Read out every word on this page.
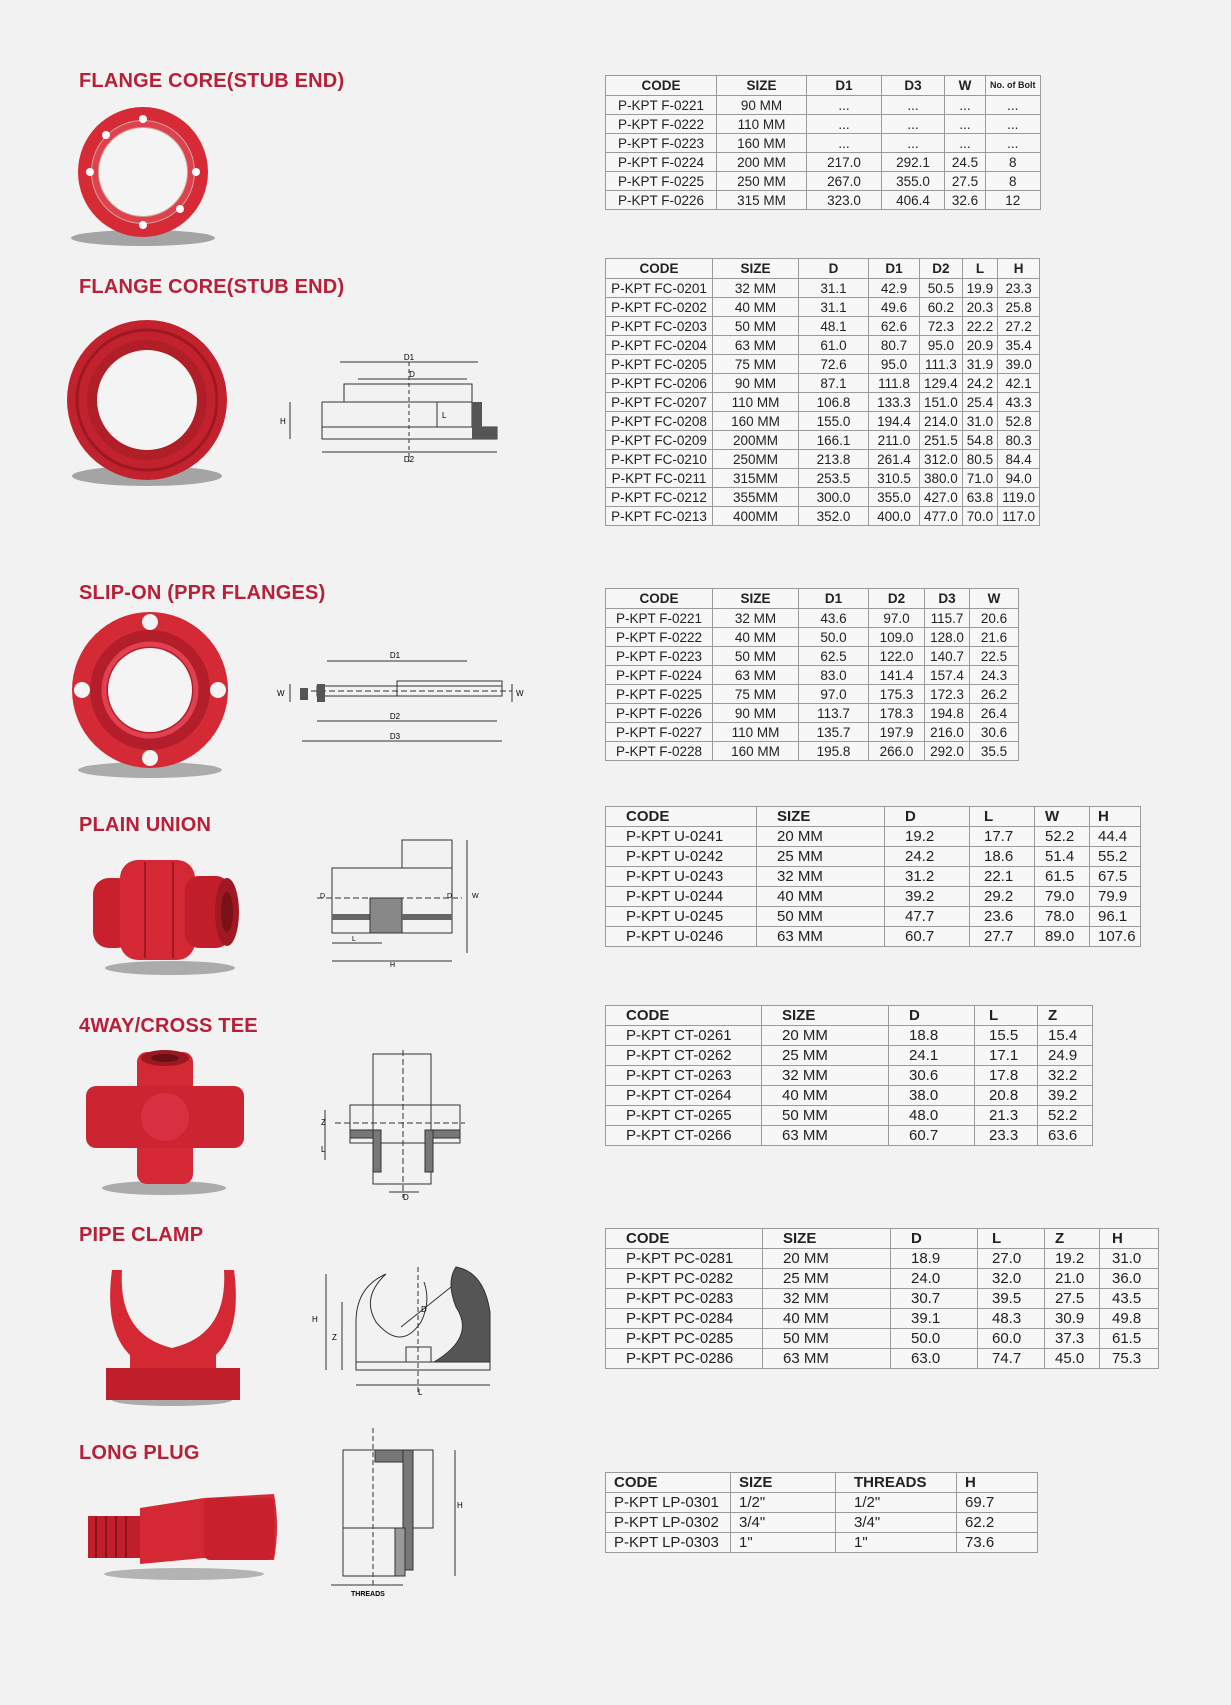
FLANGE CORE(STUB END)	CODE	SIZE	D1	D3	W	No. of Bolt
P-KPT F-0221	90 MM	...	...	...	...
P-KPT F-0222	110 MM	...	...	...	...
P-KPT F-0223	160 MM	...	...	...	...
P-KPT F-0224	200 MM	217.0	292.1	24.5	8
P-KPT F-0225	250 MM	267.0	355.0	27.5	8
P-KPT F-0226	315 MM	323.0	406.4	32.6	12
FLANGE CORE(STUB END)
D1
D
D2
H
L
CODE	SIZE	D	D1	D2	L	H
P-KPT FC-0201	32 MM	31.1	42.9	50.5	19.9	23.3
P-KPT FC-0202	40 MM	31.1	49.6	60.2	20.3	25.8
P-KPT FC-0203	50 MM	48.1	62.6	72.3	22.2	27.2
P-KPT FC-0204	63 MM	61.0	80.7	95.0	20.9	35.4
P-KPT FC-0205	75 MM	72.6	95.0	111.3	31.9	39.0
P-KPT FC-0206	90 MM	87.1	111.8	129.4	24.2	42.1
P-KPT FC-0207	110 MM	106.8	133.3	151.0	25.4	43.3
P-KPT FC-0208	160 MM	155.0	194.4	214.0	31.0	52.8
P-KPT FC-0209	200MM	166.1	211.0	251.5	54.8	80.3
P-KPT FC-0210	250MM	213.8	261.4	312.0	80.5	84.4
P-KPT FC-0211	315MM	253.5	310.5	380.0	71.0	94.0
P-KPT FC-0212	355MM	300.0	355.0	427.0	63.8	119.0
P-KPT FC-0213	400MM	352.0	400.0	477.0	70.0	117.0
SLIP-ON (PPR FLANGES)
D1
D2
D3
W	W
CODE	SIZE	D1	D2	D3	W
P-KPT F-0221	32 MM	43.6	97.0	115.7	20.6
P-KPT F-0222	40 MM	50.0	109.0	128.0	21.6
P-KPT F-0223	50 MM	62.5	122.0	140.7	22.5
P-KPT F-0224	63 MM	83.0	141.4	157.4	24.3
P-KPT F-0225	75 MM	97.0	175.3	172.3	26.2
P-KPT F-0226	90 MM	113.7	178.3	194.8	26.4
P-KPT F-0227	110 MM	135.7	197.9	216.0	30.6
P-KPT F-0228	160 MM	195.8	266.0	292.0	35.5
PLAIN UNION
D	D	W
L
H
CODE	SIZE	D	L	W	H
P-KPT U-0241	20 MM	19.2	17.7	52.2	44.4
P-KPT U-0242	25 MM	24.2	18.6	51.4	55.2
P-KPT U-0243	32 MM	31.2	22.1	61.5	67.5
P-KPT U-0244	40 MM	39.2	29.2	79.0	79.9
P-KPT U-0245	50 MM	47.7	23.6	78.0	96.1
P-KPT U-0246	63 MM	60.7	27.7	89.0	107.6
4WAY/CROSS TEE
Z
L
D
CODE	SIZE	D	L	Z
P-KPT CT-0261	20 MM	18.8	15.5	15.4
P-KPT CT-0262	25 MM	24.1	17.1	24.9
P-KPT CT-0263	32 MM	30.6	17.8	32.2
P-KPT CT-0264	40 MM	38.0	20.8	39.2
P-KPT CT-0265	50 MM	48.0	21.3	52.2
P-KPT CT-0266	63 MM	60.7	23.3	63.6
PIPE CLAMP
H
Z
D
L
CODE	SIZE	D	L	Z	H
P-KPT PC-0281	20 MM	18.9	27.0	19.2	31.0
P-KPT PC-0282	25 MM	24.0	32.0	21.0	36.0
P-KPT PC-0283	32 MM	30.7	39.5	27.5	43.5
P-KPT PC-0284	40 MM	39.1	48.3	30.9	49.8
P-KPT PC-0285	50 MM	50.0	60.0	37.3	61.5
P-KPT PC-0286	63 MM	63.0	74.7	45.0	75.3
LONG PLUG
H
THREADS
CODE	SIZE	THREADS	H
P-KPT LP-0301	1/2"	1/2"	69.7
P-KPT LP-0302	3/4"	3/4"	62.2
P-KPT LP-0303	1"	1"	73.6
